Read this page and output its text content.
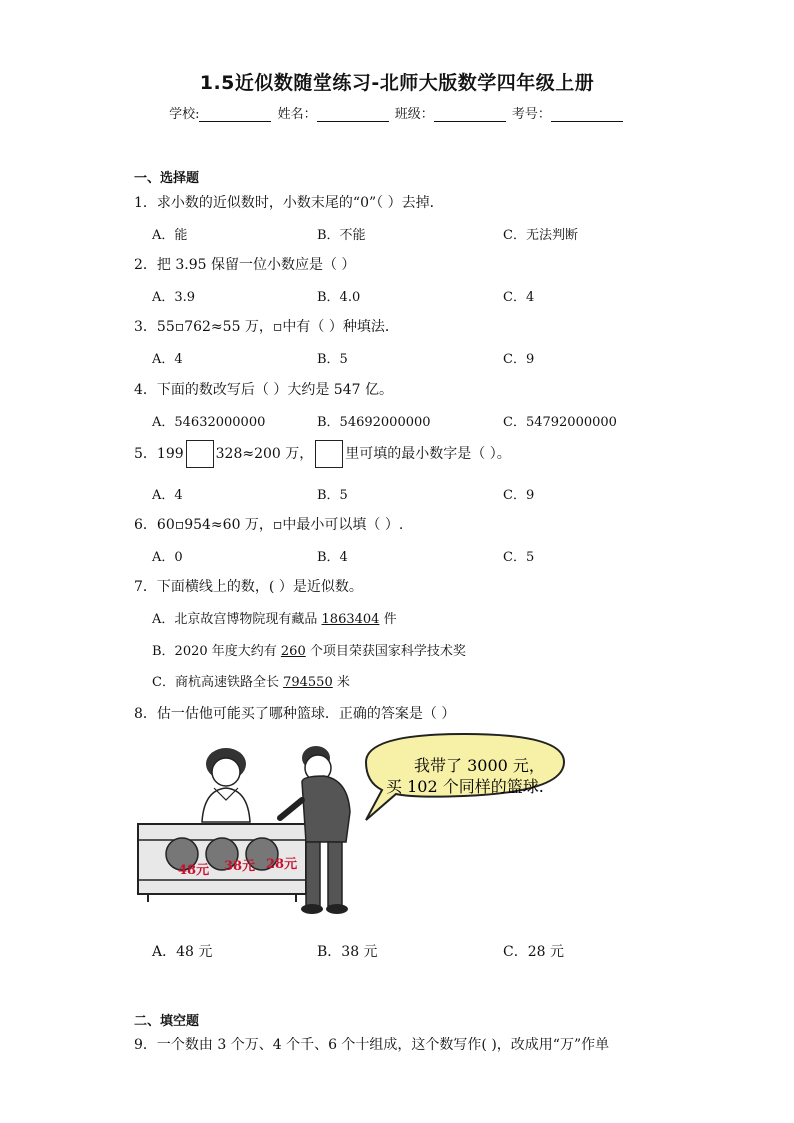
1.5近似数随堂练习-北师大版数学四年级上册
学校:	姓名：	班级：	考号：
一、选择题
1．求小数的近似数时，小数末尾的“0”（ ）去掉．
A．能	B．不能	C．无法判断
2．把 3.95 保留一位小数应是（ ）
A．3.9	B．4.0	C．4
3．55▫762≈55 万，▫中有（ ）种填法．
A．4	B．5	C．9
4．下面的数改写后（ ）大约是 547 亿。
A．54632000000	B．54692000000	C．54792000000
5．199 328≈200 万， 里可填的最小数字是（ ）。
A．4	B．5	C．9
6．60▫954≈60 万，▫中最小可以填（ ）.
A．0	B．4	C．5
7．下面横线上的数，( ）是近似数。
A．北京故宫博物院现有藏品 1863404 件
B．2020 年度大约有 260 个项目荣获国家科学技术奖
C．商杭高速铁路全长 794550 米
8．估一估他可能买了哪种篮球．正确的答案是（ ）
我带了 3000 元，
买 102 个同样的篮球.
48元 38元 28元
A．48 元	B．38 元	C．28 元
二、填空题
9．一个数由 3 个万、4 个千、6 个十组成，这个数写作( )，改成用“万”作单
